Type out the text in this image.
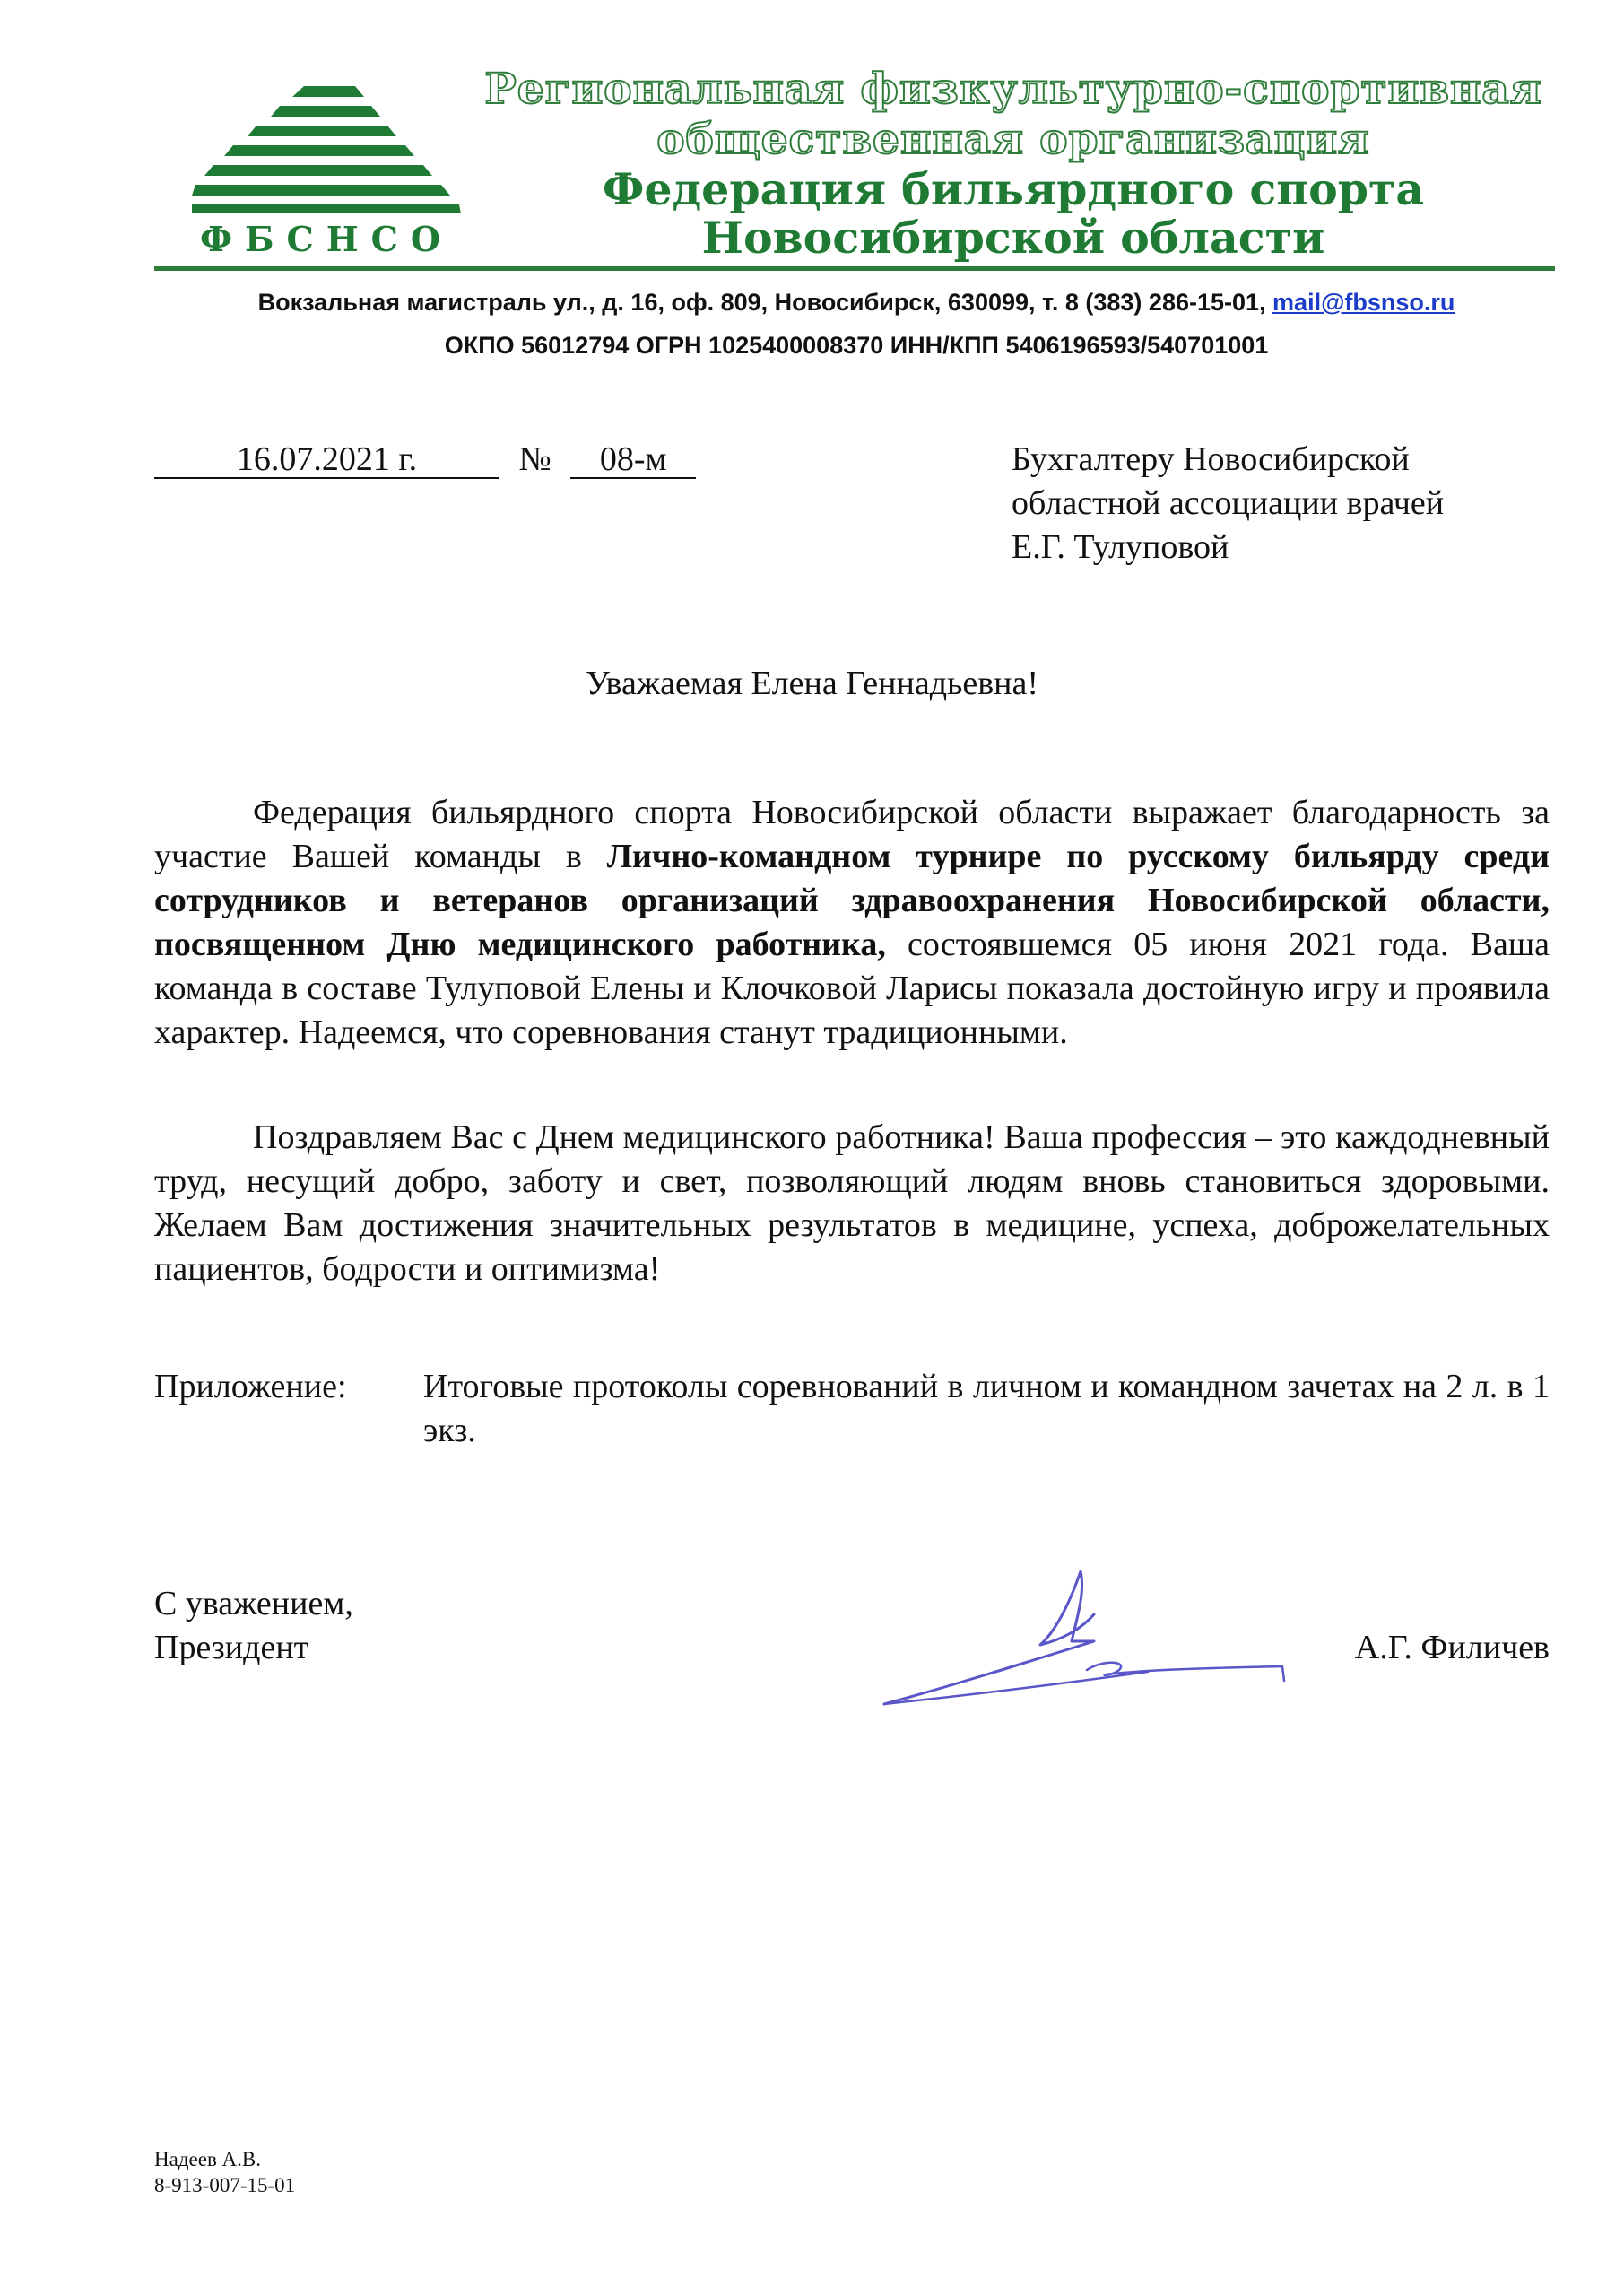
ФБСНСО
Региональная физкультурно-спортивная
общественная организация
Федерация бильярдного спорта
Новосибирской области
Вокзальная магистраль ул., д. 16, оф. 809, Новосибирск, 630099, т. 8 (383) 286-15-01, mail@fbsnso.ru
ОКПО 56012794 ОГРН 1025400008370 ИНН/КПП 5406196593/540701001
16.07.2021 г.	№ 08-м	Бухгалтеру Новосибирской
областной ассоциации врачей
Е.Г. Тулуповой
Уважаемая Елена Геннадьевна!
Федерация бильярдного спорта Новосибирской области выражает благодарность за участие Вашей команды в Лично-командном турнире по русскому бильярду среди сотрудников и ветеранов организаций здравоохранения Новосибирской области, посвященном Дню медицинского работника, состоявшемся 05 июня 2021 года. Ваша команда в составе Тулуповой Елены и Клочковой Ларисы показала достойную игру и проявила характер. Надеемся, что соревнования станут традиционными.
Поздравляем Вас с Днем медицинского работника! Ваша профессия – это каждодневный труд, несущий добро, заботу и свет, позволяющий людям вновь становиться здоровыми. Желаем Вам достижения значительных результатов в медицине, успеха, доброжелательных пациентов, бодрости и оптимизма!
Приложение: Итоговые протоколы соревнований в личном и командном зачетах на 2 л. в 1 экз.
С уважением,
Президент	А.Г. Филичев
Надеев А.В.
8-913-007-15-01
